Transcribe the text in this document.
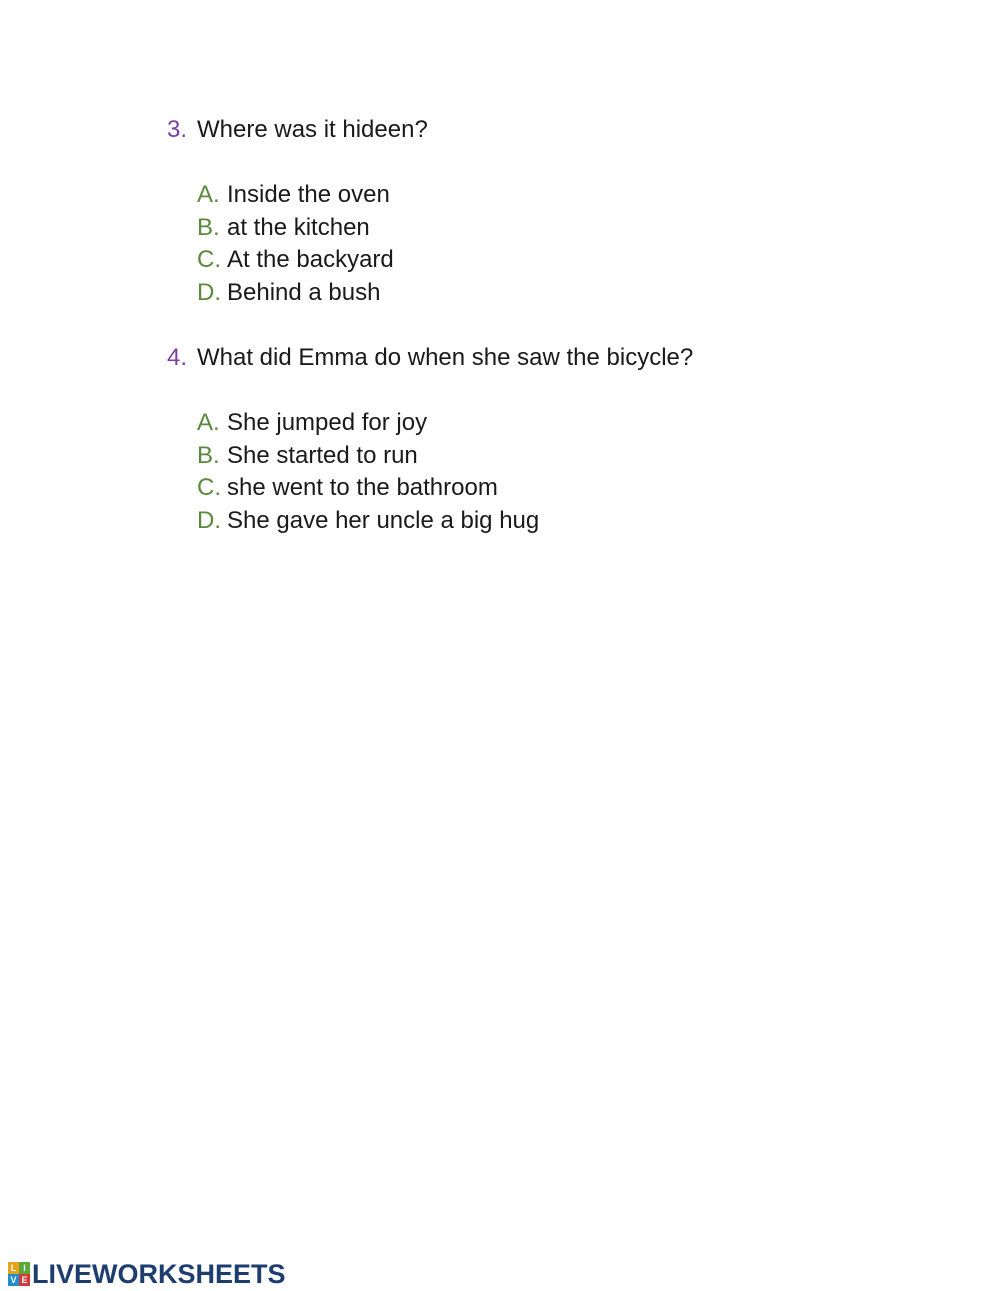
3. Where was it hideen?
A. Inside the oven
B. at the kitchen
C. At the backyard
D. Behind a bush
4. What did Emma do when she saw the bicycle?
A. She jumped for joy
B. She started to run
C. she went to the bathroom
D. She gave her uncle a big hug
L i
V E LIVEWORKSHEETS
